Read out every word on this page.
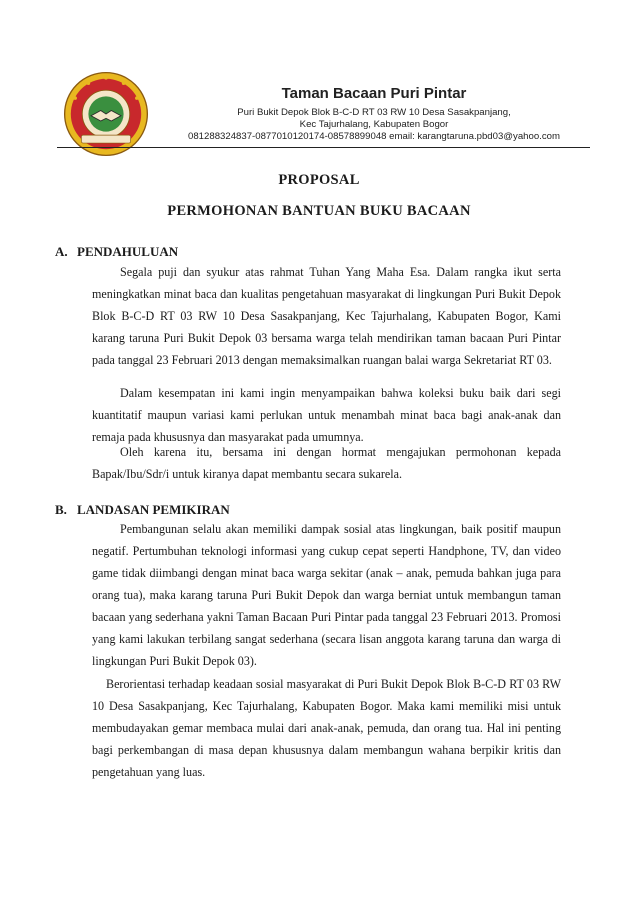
Taman Bacaan Puri Pintar
Puri Bukit Depok Blok B-C-D RT 03 RW 10 Desa Sasakpanjang,
Kec Tajurhalang, Kabupaten Bogor
081288324837-0877010120174-08578899048 email: karangtaruna.pbd03@yahoo.com
PROPOSAL
PERMOHONAN BANTUAN BUKU BACAAN
A. PENDAHULUAN

Segala puji dan syukur atas rahmat Tuhan Yang Maha Esa. Dalam rangka ikut serta meningkatkan minat baca dan kualitas pengetahuan masyarakat di lingkungan Puri Bukit Depok Blok B-C-D RT 03 RW 10 Desa Sasakpanjang, Kec Tajurhalang, Kabupaten Bogor, Kami karang taruna Puri Bukit Depok 03 bersama warga telah mendirikan taman bacaan Puri Pintar pada tanggal 23 Februari 2013 dengan memaksimalkan ruangan balai warga Sekretariat RT 03.

Dalam kesempatan ini kami ingin menyampaikan bahwa koleksi buku baik dari segi kuantitatif maupun variasi kami perlukan untuk menambah minat baca bagi anak-anak dan remaja pada khususnya dan masyarakat pada umumnya.

Oleh karena itu, bersama ini dengan hormat mengajukan permohonan kepada Bapak/Ibu/Sdr/i untuk kiranya dapat membantu secara sukarela.

B. LANDASAN PEMIKIRAN

Pembangunan selalu akan memiliki dampak sosial atas lingkungan, baik positif maupun negatif. Pertumbuhan teknologi informasi yang cukup cepat seperti Handphone, TV, dan video game tidak diimbangi dengan minat baca warga sekitar (anak – anak, pemuda bahkan juga para orang tua), maka karang taruna Puri Bukit Depok dan warga berniat untuk membangun taman bacaan yang sederhana yakni Taman Bacaan Puri Pintar pada tanggal 23 Februari 2013. Promosi yang kami lakukan terbilang sangat sederhana (secara lisan anggota karang taruna dan warga di lingkungan Puri Bukit Depok 03).

Berorientasi terhadap keadaan sosial masyarakat di Puri Bukit Depok Blok B-C-D RT 03 RW 10 Desa Sasakpanjang, Kec Tajurhalang, Kabupaten Bogor. Maka kami memiliki misi untuk membudayakan gemar membaca mulai dari anak-anak, pemuda, dan orang tua. Hal ini penting bagi perkembangan di masa depan khususnya dalam membangun wahana berpikir kritis dan pengetahuan yang luas.
